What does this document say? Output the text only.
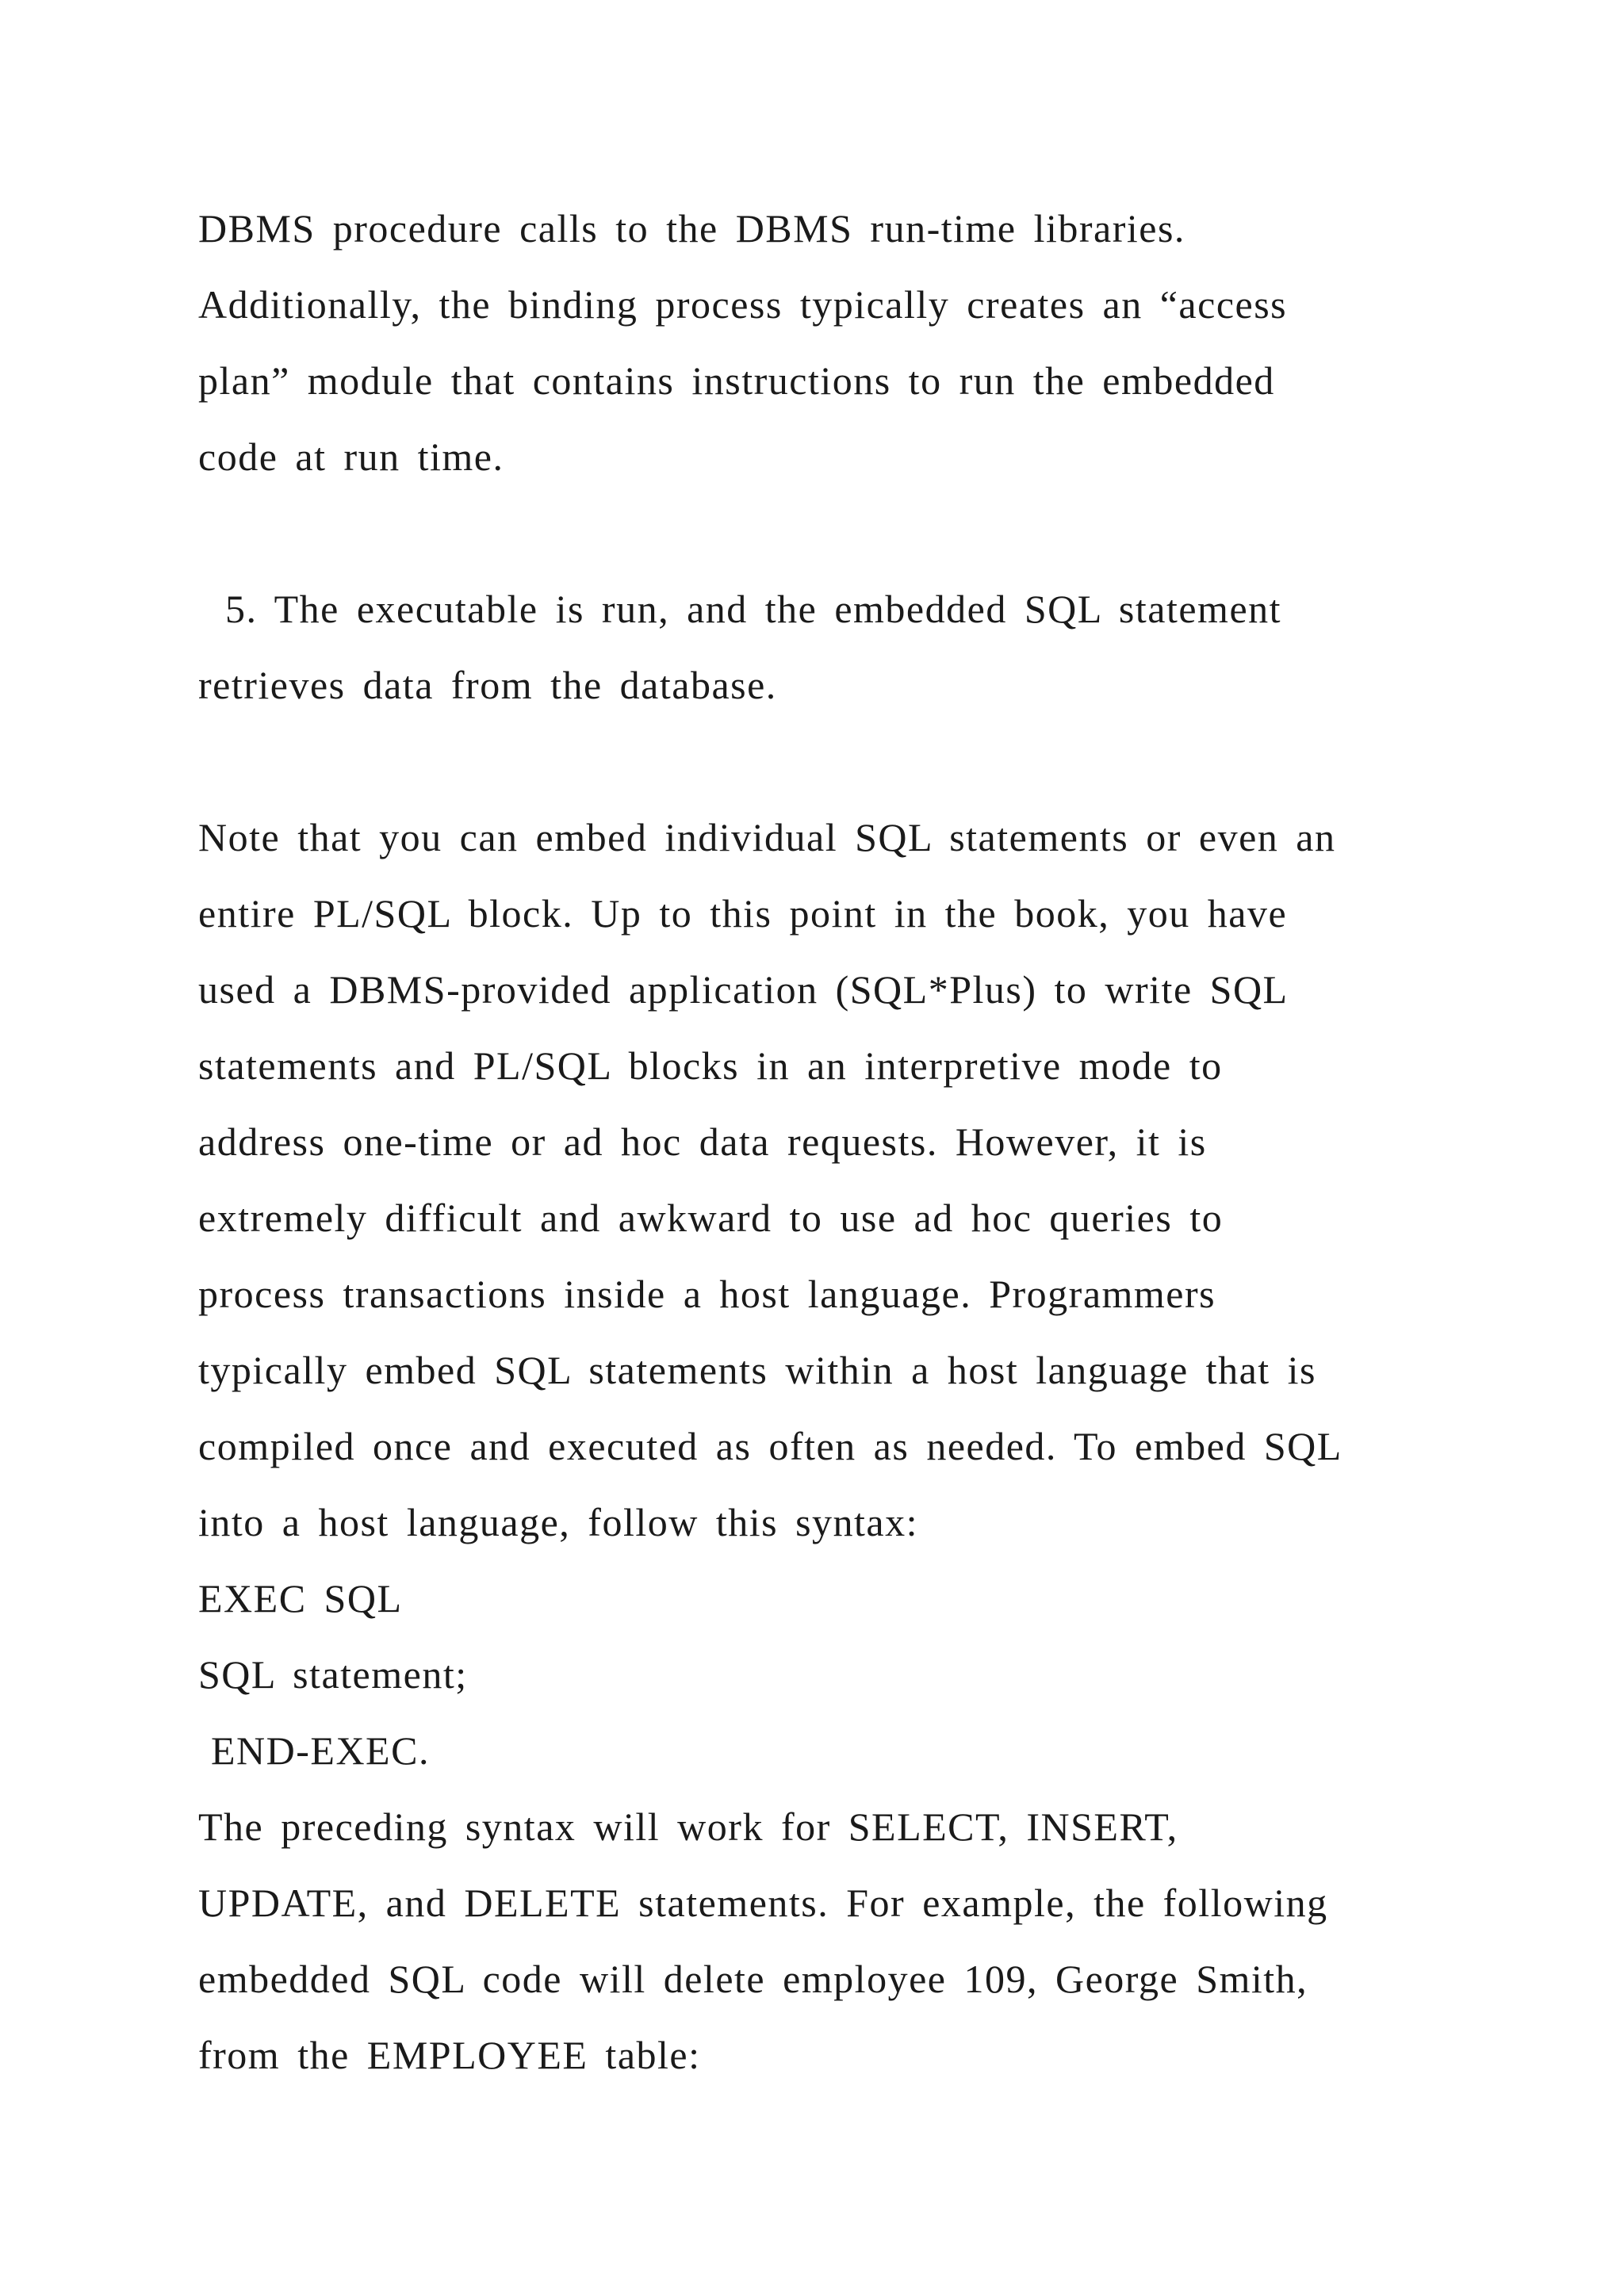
DBMS procedure calls to the DBMS run-time libraries.
Additionally, the binding process typically creates an “access
plan” module that contains instructions to run the embedded
code at run time.
5. The executable is run, and the embedded SQL statement
retrieves data from the database.
Note that you can embed individual SQL statements or even an
entire PL/SQL block. Up to this point in the book, you have
used a DBMS-provided application (SQL*Plus) to write SQL
statements and PL/SQL blocks in an interpretive mode to
address one-time or ad hoc data requests. However, it is
extremely difficult and awkward to use ad hoc queries to
process transactions inside a host language. Programmers
typically embed SQL statements within a host language that is
compiled once and executed as often as needed. To embed SQL
into a host language, follow this syntax:
EXEC SQL
SQL statement;
END-EXEC.
The preceding syntax will work for SELECT, INSERT,
UPDATE, and DELETE statements. For example, the following
embedded SQL code will delete employee 109, George Smith,
from the EMPLOYEE table:
